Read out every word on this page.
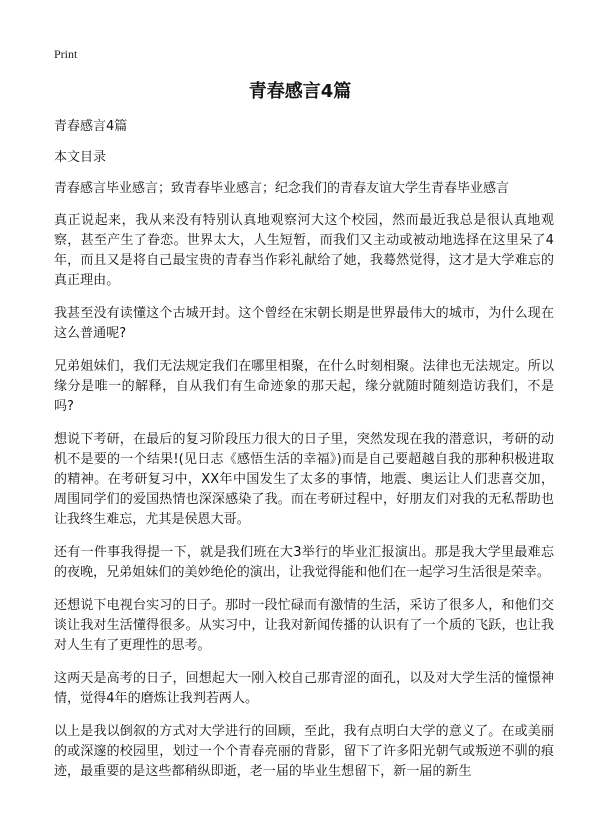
Print
青春感言4篇
青春感言4篇
本文目录
青春感言毕业感言；致青春毕业感言；纪念我们的青春友谊大学生青春毕业感言

真正说起来，我从来没有特别认真地观察河大这个校园，然而最近我总是很认真地观察，甚至产生了眷恋。世界太大，人生短暂，而我们又主动或被动地选择在这里呆了4年，而且又是将自己最宝贵的青春当作彩礼献给了她，我蓦然觉得，这才是大学难忘的真正理由。

我甚至没有读懂这个古城开封。这个曾经在宋朝长期是世界最伟大的城市，为什么现在这么普通呢?

兄弟姐妹们，我们无法规定我们在哪里相聚，在什么时刻相聚。法律也无法规定。所以缘分是唯一的解释，自从我们有生命迹象的那天起，缘分就随时随刻造访我们，不是吗?

想说下考研，在最后的复习阶段压力很大的日子里，突然发现在我的潜意识，考研的动机不是要的一个结果!(见日志《感悟生活的幸福》)而是自己要超越自我的那种积极进取的精神。在考研复习中，XX年中国发生了太多的事情，地震、奥运让人们悲喜交加，周围同学们的爱国热情也深深感染了我。而在考研过程中，好朋友们对我的无私帮助也让我终生难忘，尤其是侯恩大哥。

还有一件事我得提一下，就是我们班在大3举行的毕业汇报演出。那是我大学里最难忘的夜晚，兄弟姐妹们的美妙绝伦的演出，让我觉得能和他们在一起学习生活很是荣幸。

还想说下电视台实习的日子。那时一段忙碌而有激情的生活，采访了很多人，和他们交谈让我对生活懂得很多。从实习中，让我对新闻传播的认识有了一个质的飞跃，也让我对人生有了更理性的思考。

这两天是高考的日子，回想起大一刚入校自己那青涩的面孔，以及对大学生活的憧憬神情，觉得4年的磨炼让我判若两人。

以上是我以倒叙的方式对大学进行的回顾，至此，我有点明白大学的意义了。在或美丽的或深邃的校园里，划过一个个青春亮丽的背影，留下了许多阳光朝气或叛逆不驯的痕迹，最重要的是这些都稍纵即逝，老一届的毕业生想留下，新一届的新生
